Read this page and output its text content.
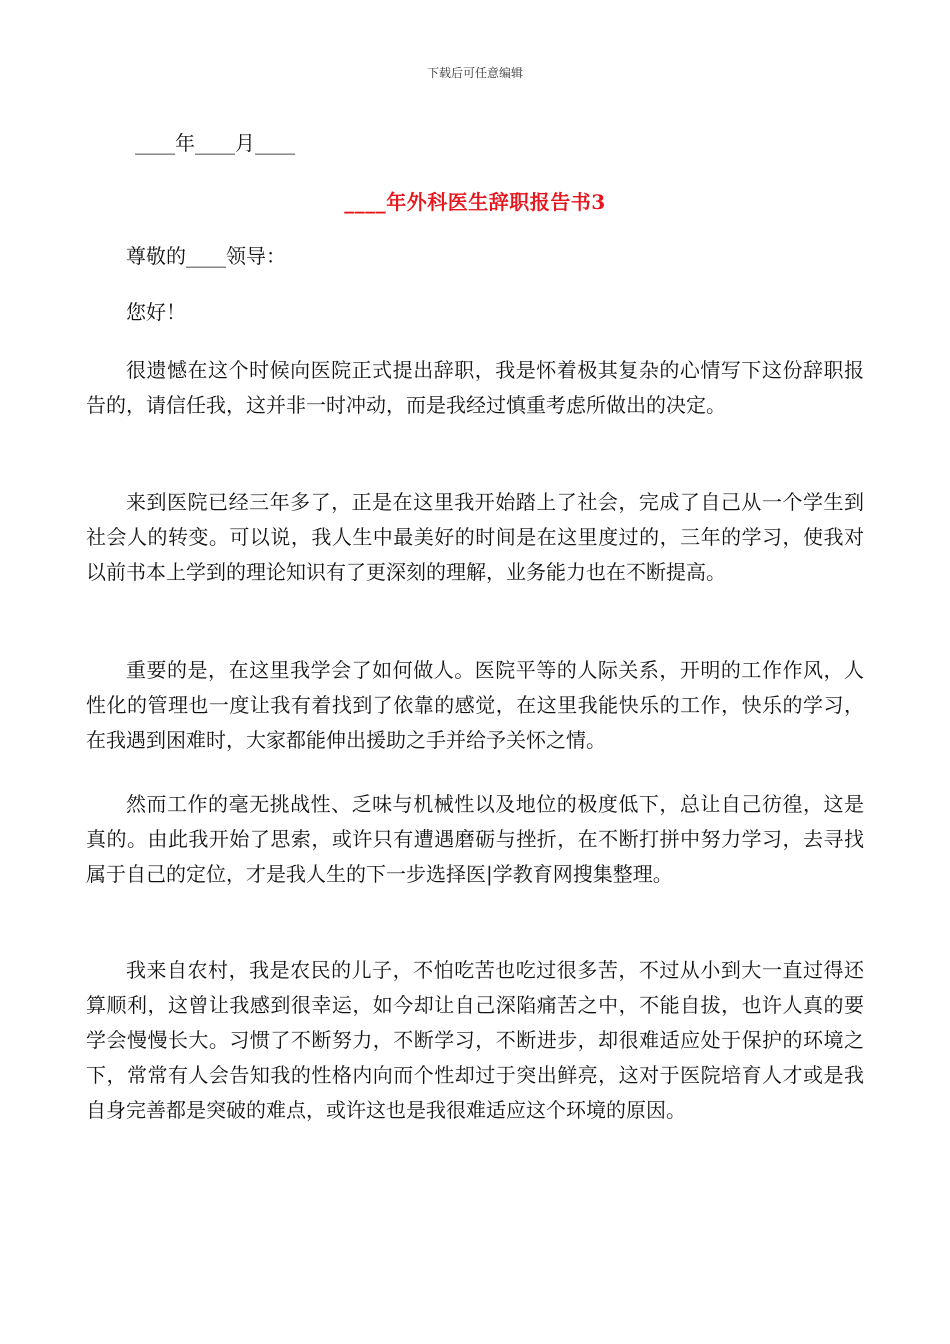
下载后可任意编辑
____年____月____
____年外科医生辞职报告书3

尊敬的____领导：

您好！

很遗憾在这个时候向医院正式提出辞职，我是怀着极其复杂的心情写下这份辞职报告的，请信任我，这并非一时冲动，而是我经过慎重考虑所做出的决定。

来到医院已经三年多了，正是在这里我开始踏上了社会，完成了自己从一个学生到社会人的转变。可以说，我人生中最美好的时间是在这里度过的，三年的学习，使我对以前书本上学到的理论知识有了更深刻的理解，业务能力也在不断提高。

重要的是，在这里我学会了如何做人。医院平等的人际关系，开明的工作作风，人性化的管理也一度让我有着找到了依靠的感觉，在这里我能快乐的工作，快乐的学习，在我遇到困难时，大家都能伸出援助之手并给予关怀之情。

然而工作的毫无挑战性、乏味与机械性以及地位的极度低下，总让自己彷徨，这是真的。由此我开始了思索，或许只有遭遇磨砺与挫折，在不断打拼中努力学习，去寻找属于自己的定位，才是我人生的下一步选择医|学教育网搜集整理。

我来自农村，我是农民的儿子，不怕吃苦也吃过很多苦，不过从小到大一直过得还算顺利，这曾让我感到很幸运，如今却让自己深陷痛苦之中，不能自拔，也许人真的要学会慢慢长大。习惯了不断努力，不断学习，不断进步，却很难适应处于保护的环境之下，常常有人会告知我的性格内向而个性却过于突出鲜亮，这对于医院培育人才或是我自身完善都是突破的难点，或许这也是我很难适应这个环境的原因。
